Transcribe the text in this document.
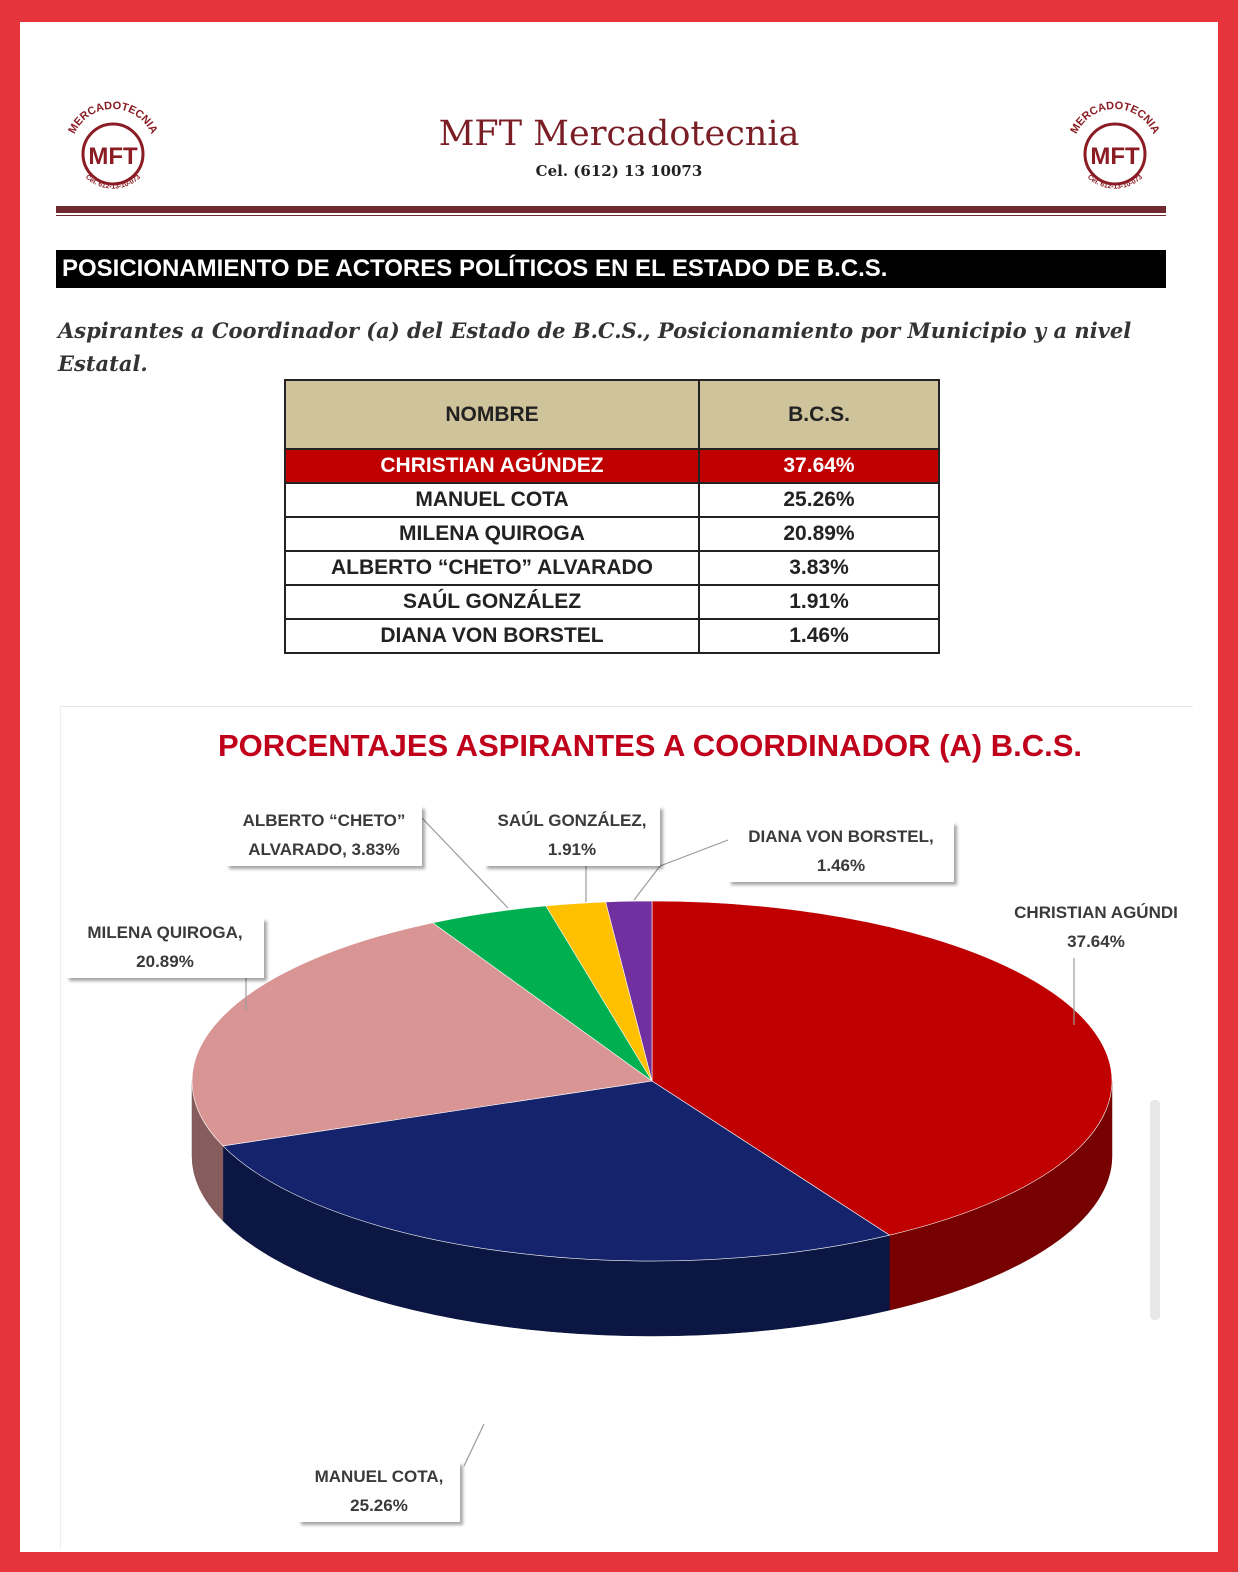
MFT
MERCADOTECNIA
Cel. 612-13-10-073
MFT
MERCADOTECNIA
Cel. 612-13-10-073
MFT Mercadotecnia
Cel. (612) 13 10073
POSICIONAMIENTO DE ACTORES POLÍTICOS EN EL ESTADO DE B.C.S.
Aspirantes a Coordinador (a) del Estado de B.C.S., Posicionamiento por Municipio y a nivel Estatal.
NOMBRE	B.C.S.
CHRISTIAN AGÚNDEZ	37.64%
MANUEL COTA	25.26%
MILENA QUIROGA	20.89%
ALBERTO “CHETO” ALVARADO	3.83%
SAÚL GONZÁLEZ	1.91%
DIANA VON BORSTEL	1.46%
PORCENTAJES ASPIRANTES A COORDINADOR (A) B.C.S.
CHRISTIAN AGÚNDI
37.64%
MANUEL COTA,
25.26%
MILENA QUIROGA,
20.89%
ALBERTO “CHETO”
ALVARADO, 3.83%
SAÚL GONZÁLEZ,
1.91%
DIANA VON BORSTEL,
1.46%
